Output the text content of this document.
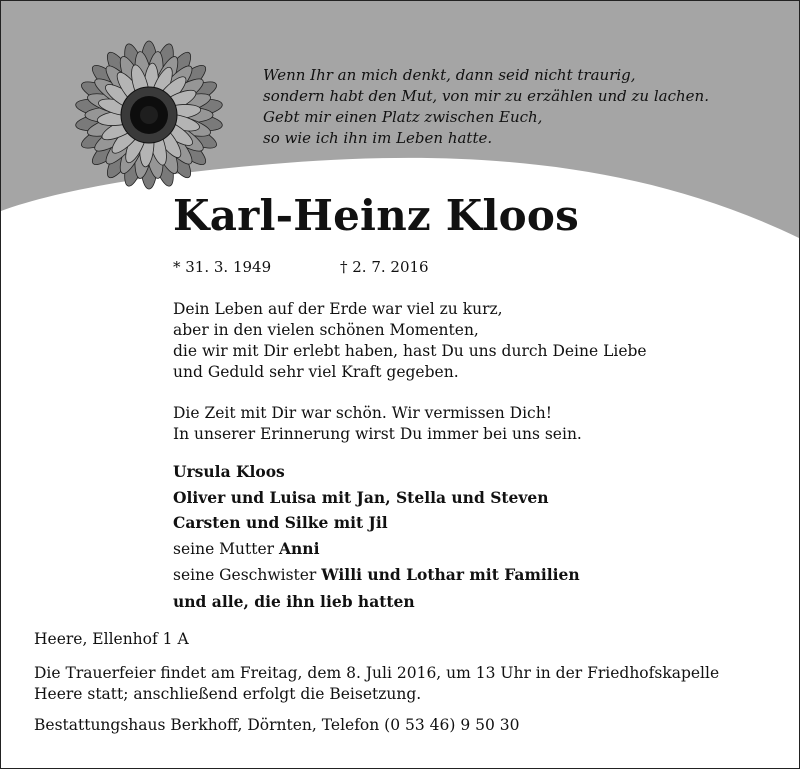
Wenn Ihr an mich denkt, dann seid nicht traurig,
sondern habt den Mut, von mir zu erzählen und zu lachen.
Gebt mir einen Platz zwischen Euch,
so wie ich ihn im Leben hatte.
Karl-Heinz Kloos
* 31. 3. 1949	† 2. 7. 2016
Dein Leben auf der Erde war viel zu kurz,
aber in den vielen schönen Momenten,
die wir mit Dir erlebt haben, hast Du uns durch Deine Liebe
und Geduld sehr viel Kraft gegeben.
Die Zeit mit Dir war schön. Wir vermissen Dich!
In unserer Erinnerung wirst Du immer bei uns sein.
Ursula Kloos
Oliver und Luisa mit Jan, Stella und Steven
Carsten und Silke mit Jil
seine Mutter Anni
seine Geschwister Willi und Lothar mit Familien
und alle, die ihn lieb hatten
Heere, Ellenhof 1 A
Die Trauerfeier findet am Freitag, dem 8. Juli 2016, um 13 Uhr in der Friedhofskapelle
Heere statt; anschließend erfolgt die Beisetzung.
Bestattungshaus Berkhoff, Dörnten, Telefon (0 53 46) 9 50 30
